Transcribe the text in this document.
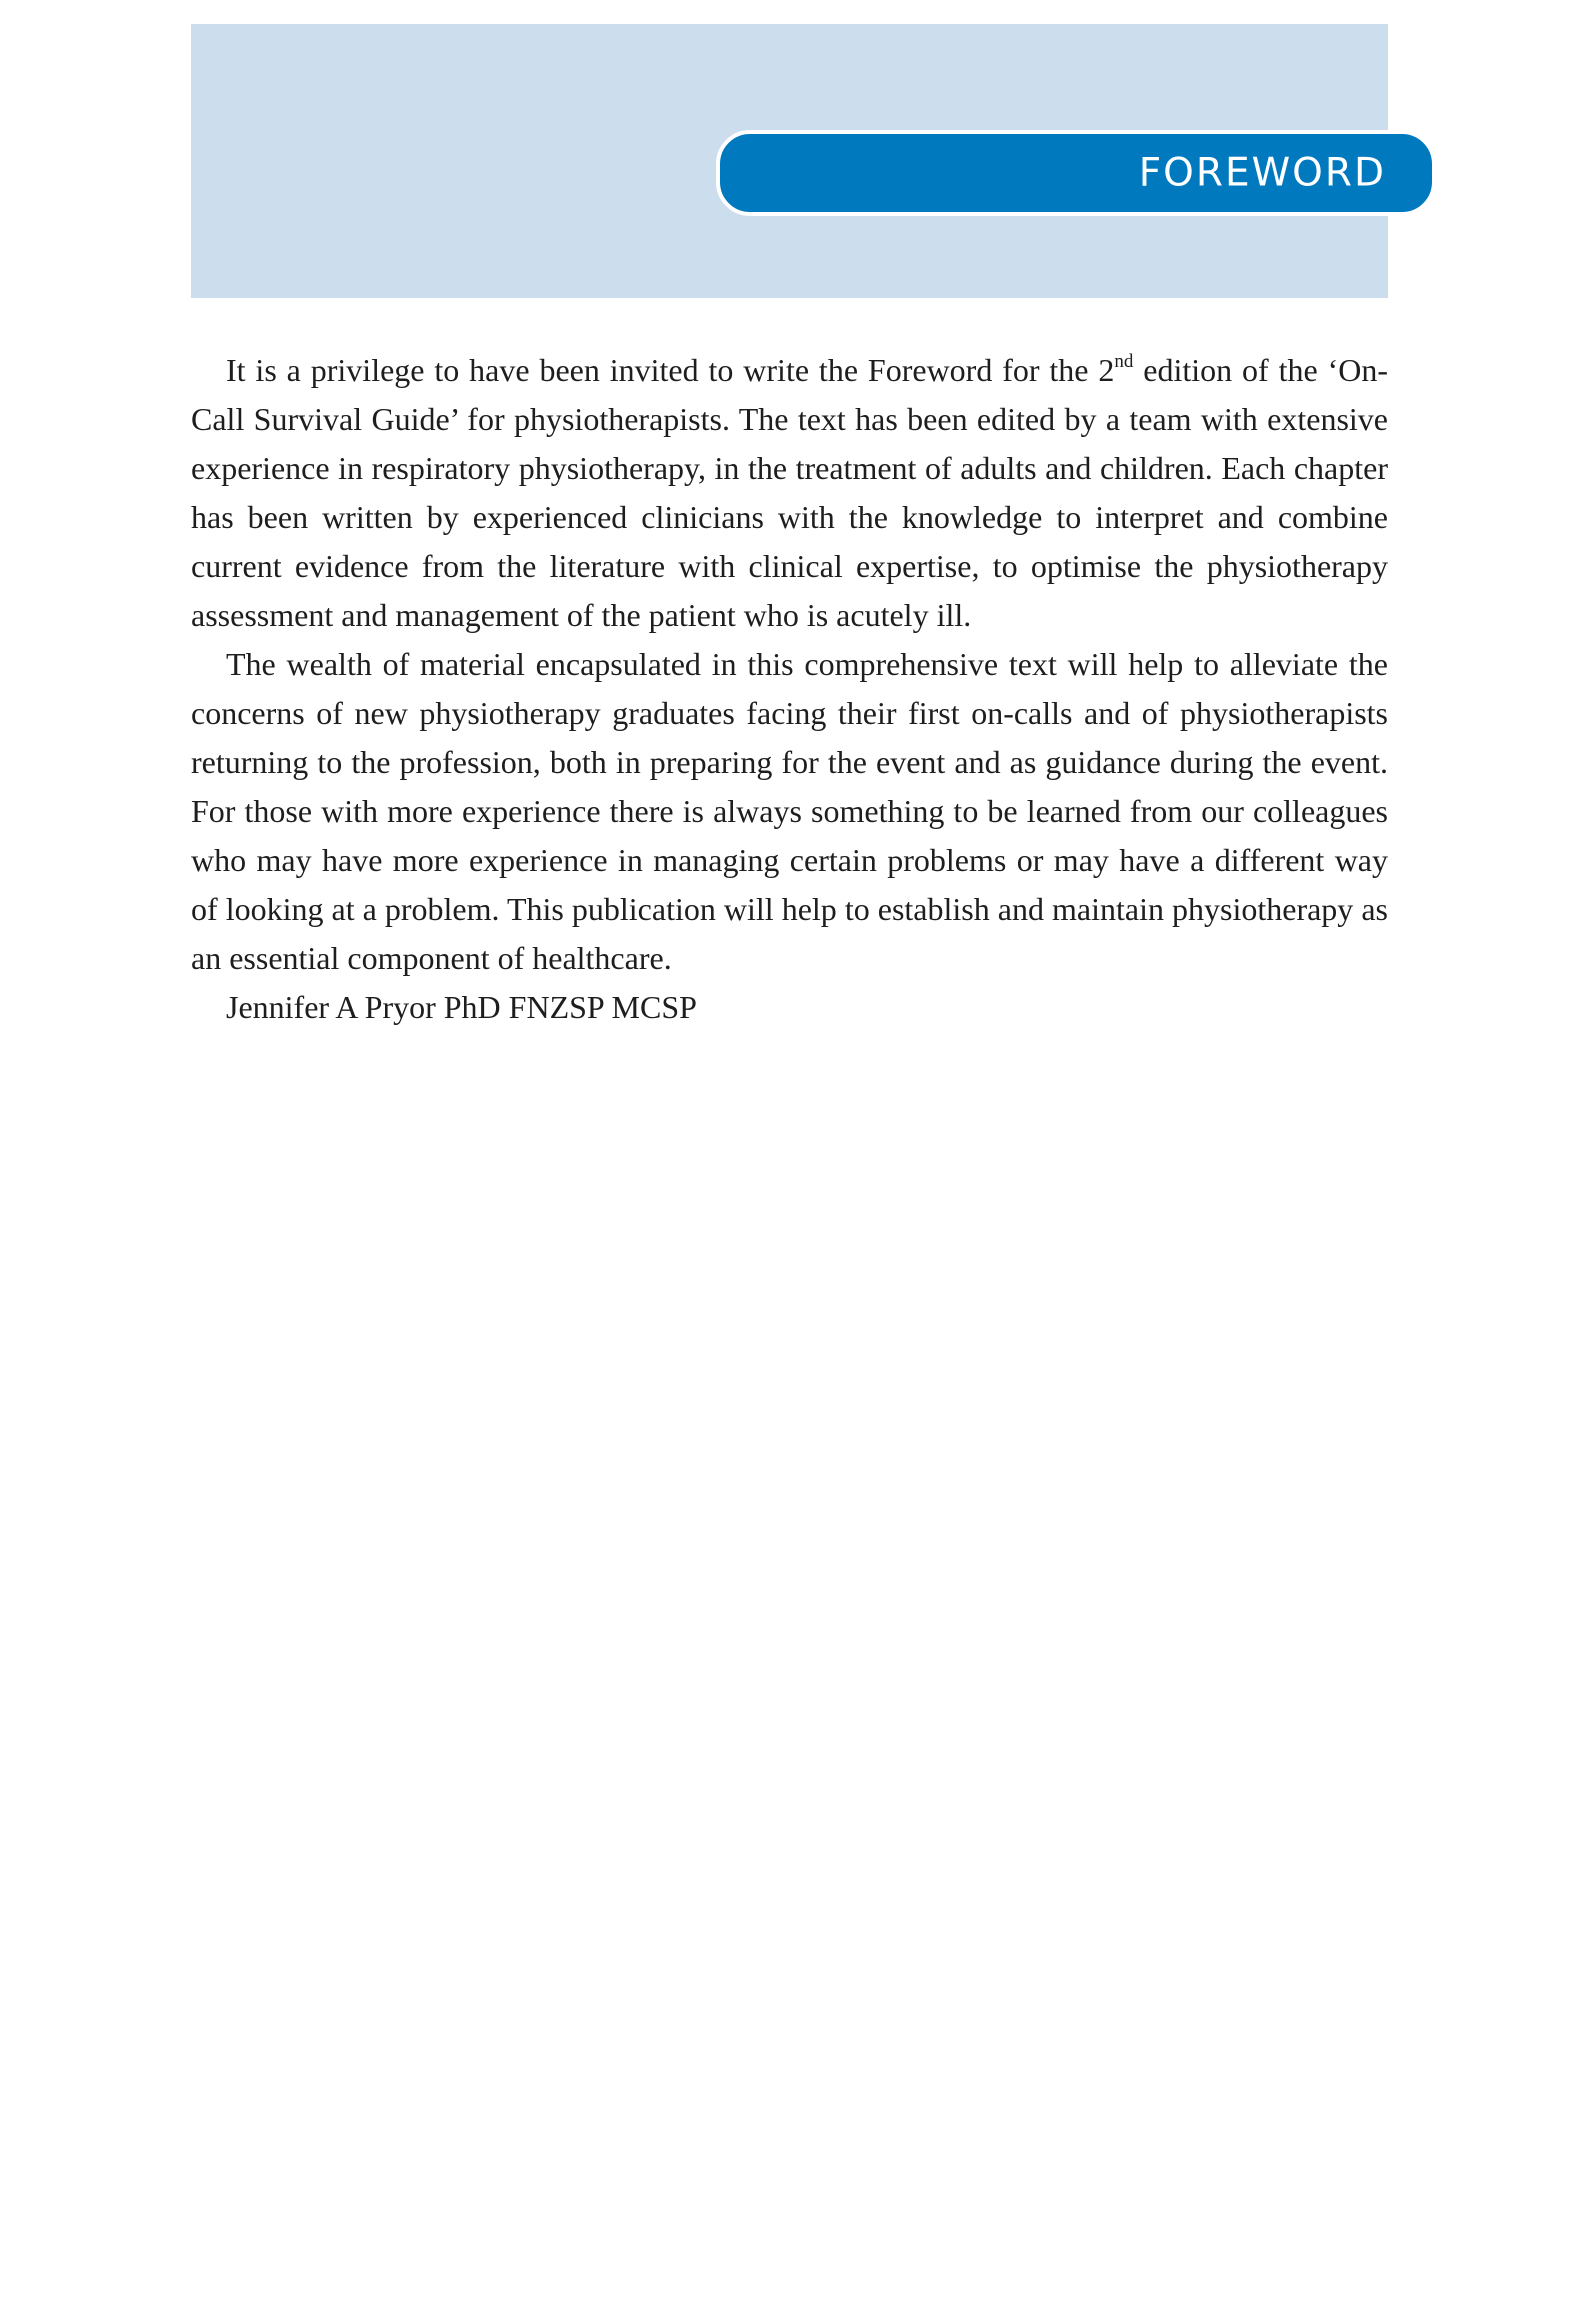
FOREWORD

It is a privilege to have been invited to write the Foreword for the 2nd edition of the ‘On-Call Survival Guide’ for physiotherapists. The text has been edited by a team with extensive experience in respiratory physiotherapy, in the treatment of adults and children. Each chapter has been written by experienced clinicians with the knowledge to interpret and combine current evidence from the literature with clinical expertise, to optimise the physiotherapy assessment and management of the patient who is acutely ill.

The wealth of material encapsulated in this comprehensive text will help to alleviate the concerns of new physiotherapy graduates facing their first on-calls and of physiotherapists returning to the profession, both in preparing for the event and as guidance during the event. For those with more experience there is always something to be learned from our colleagues who may have more experience in managing certain problems or may have a different way of looking at a problem. This publication will help to establish and maintain physiotherapy as an essential component of healthcare.

Jennifer A Pryor PhD FNZSP MCSP
